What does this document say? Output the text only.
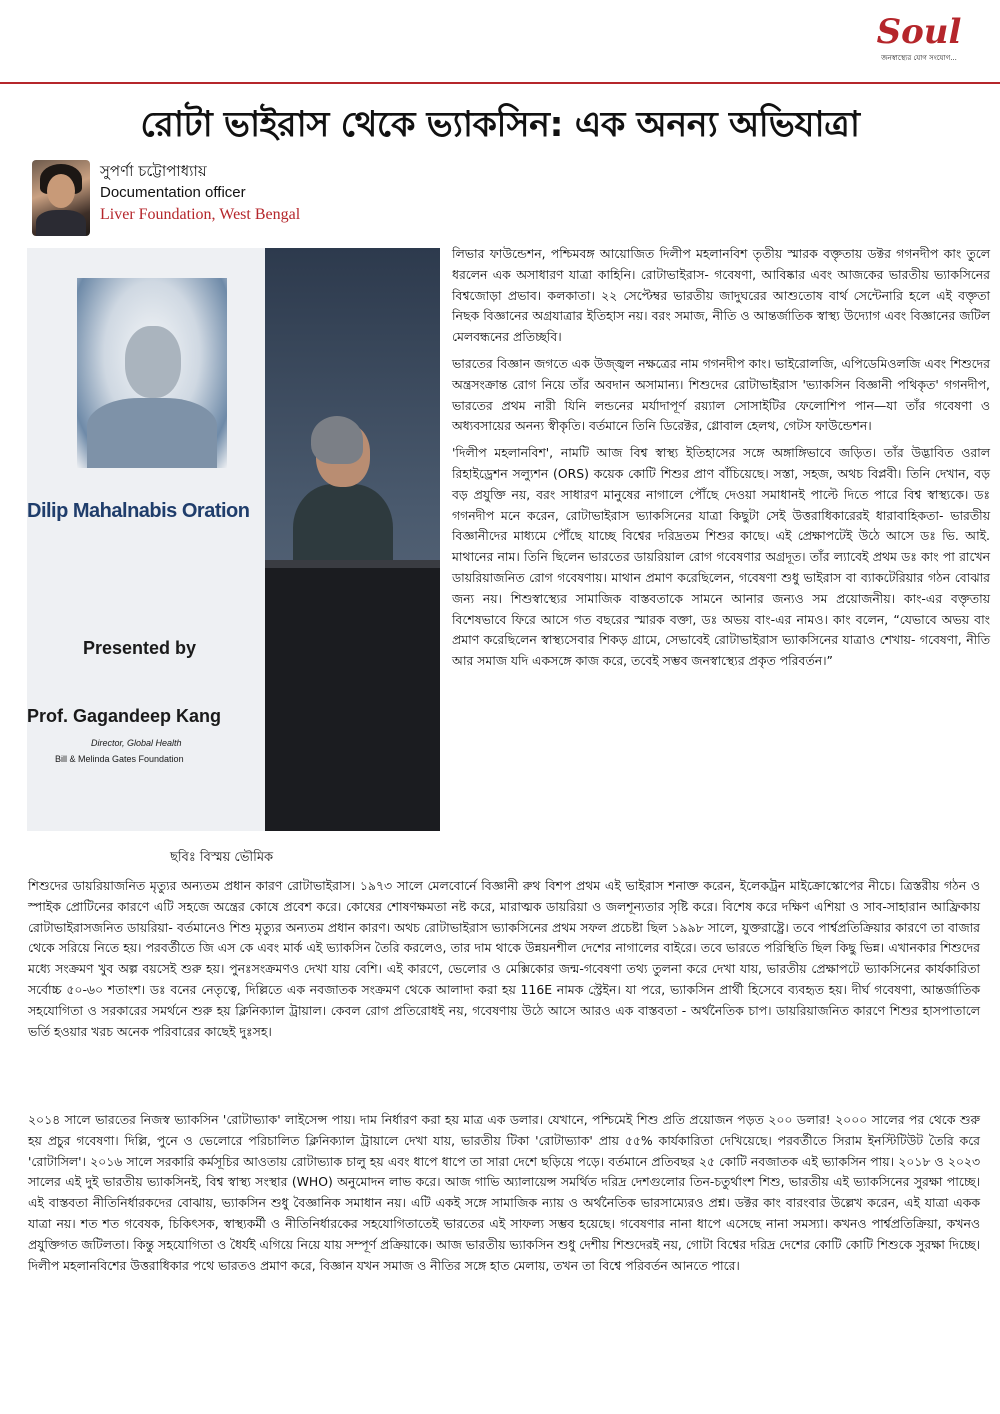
Soul
জনস্বাস্থ্যের যোগ সংযোগ...
রোটা ভাইরাস থেকে ভ্যাকসিন: এক অনন্য অভিযাত্রা
সুপর্ণা চট্টোপাধ্যায়
Documentation officer
Liver Foundation, West Bengal
Dilip Mahalnabis Oration
Presented by
Prof. Gagandeep Kang
Director, Global Health
Bill & Melinda Gates Foundation
ছবিঃ বিস্ময় ভৌমিক

লিভার ফাউন্ডেশন, পশ্চিমবঙ্গ আয়োজিত দিলীপ মহলানবিশ তৃতীয় স্মারক বক্তৃতায় ডক্টর গগনদীপ কাং তুলে ধরলেন এক অসাধারণ যাত্রা কাহিনি। রোটাভাইরাস- গবেষণা, আবিষ্কার এবং আজকের ভারতীয় ভ্যাকসিনের বিশ্বজোড়া প্রভাব। কলকাতা। ২২ সেপ্টেম্বর ভারতীয় জাদুঘরের আশুতোষ বার্থ সেন্টেনারি হলে এই বক্তৃতা নিছক বিজ্ঞানের অগ্রযাত্রার ইতিহাস নয়। বরং সমাজ, নীতি ও আন্তর্জাতিক স্বাস্থ্য উদ্যোগ এবং বিজ্ঞানের জটিল মেলবন্ধনের প্রতিচ্ছবি।

ভারতের বিজ্ঞান জগতে এক উজ্জ্বল নক্ষত্রের নাম গগনদীপ কাং। ভাইরোলজি, এপিডেমিওলজি এবং শিশুদের অন্ত্রসংক্রান্ত রোগ নিয়ে তাঁর অবদান অসামান্য। শিশুদের রোটাভাইরাস 'ভ্যাকসিন বিজ্ঞানী পথিকৃত' গগনদীপ, ভারতের প্রথম নারী যিনি লন্ডনের মর্যাদাপূর্ণ রয়্যাল সোসাইটির ফেলোশিপ পান—যা তাঁর গবেষণা ও অধ্যবসায়ের অনন্য স্বীকৃতি। বর্তমানে তিনি ডিরেক্টর, গ্লোবাল হেলথ, গেটস ফাউন্ডেশন।

'দিলীপ মহলানবিশ', নামটি আজ বিশ্ব স্বাস্থ্য ইতিহাসের সঙ্গে অঙ্গাঙ্গিভাবে জড়িত। তাঁর উদ্ভাবিত ওরাল রিহাইড্রেশন সল্যুশন (ORS) কয়েক কোটি শিশুর প্রাণ বাঁচিয়েছে। সস্তা, সহজ, অথচ বিপ্লবী। তিনি দেখান, বড় বড় প্রযুক্তি নয়, বরং সাধারণ মানুষের নাগালে পৌঁছে দেওয়া সমাধানই পাল্টে দিতে পারে বিশ্ব স্বাস্থ্যকে। ডঃ গগনদীপ মনে করেন, রোটাভাইরাস ভ্যাকসিনের যাত্রা কিছুটা সেই উত্তরাধিকারেরই ধারাবাহিকতা- ভারতীয় বিজ্ঞানীদের মাধ্যমে পৌঁছে যাচ্ছে বিশ্বের দরিদ্রতম শিশুর কাছে। এই প্রেক্ষাপটেই উঠে আসে ডঃ ভি. আই. মাথানের নাম। তিনি ছিলেন ভারতের ডায়রিয়াল রোগ গবেষণার অগ্রদূত। তাঁর ল্যাবেই প্রথম ডঃ কাং পা রাখেন ডায়রিয়াজনিত রোগ গবেষণায়। মাথান প্রমাণ করেছিলেন, গবেষণা শুধু ভাইরাস বা ব্যাকটেরিয়ার গঠন বোঝার জন্য নয়। শিশুস্বাস্থ্যের সামাজিক বাস্তবতাকে সামনে আনার জন্যও সম প্রয়োজনীয়। কাং-এর বক্তৃতায় বিশেষভাবে ফিরে আসে গত বছরের স্মারক বক্তা, ডঃ অভয় বাং-এর নামও। কাং বলেন, “যেভাবে অভয় বাং প্রমাণ করেছিলেন স্বাস্থ্যসেবার শিকড় গ্রামে, সেভাবেই রোটাভাইরাস ভ্যাকসিনের যাত্রাও শেখায়- গবেষণা, নীতি আর সমাজ যদি একসঙ্গে কাজ করে, তবেই সম্ভব জনস্বাস্থ্যের প্রকৃত পরিবর্তন।”

শিশুদের ডায়রিয়াজনিত মৃত্যুর অন্যতম প্রধান কারণ রোটাভাইরাস। ১৯৭৩ সালে মেলবোর্নে বিজ্ঞানী রুথ বিশপ প্রথম এই ভাইরাস শনাক্ত করেন, ইলেকট্রন মাইক্রোস্কোপের নীচে। ত্রিস্তরীয় গঠন ও স্পাইক প্রোটিনের কারণে এটি সহজে অন্ত্রের কোষে প্রবেশ করে। কোষের শোষণক্ষমতা নষ্ট করে, মারাত্মক ডায়রিয়া ও জলশূন্যতার সৃষ্টি করে। বিশেষ করে দক্ষিণ এশিয়া ও সাব-সাহারান আফ্রিকায় রোটাভাইরাসজনিত ডায়রিয়া- বর্তমানেও শিশু মৃত্যুর অন্যতম প্রধান কারণ। অথচ রোটাভাইরাস ভ্যাকসিনের প্রথম সফল প্রচেষ্টা ছিল ১৯৯৮ সালে, যুক্তরাষ্ট্রে। তবে পার্শ্বপ্রতিক্রিয়ার কারণে তা বাজার থেকে সরিয়ে নিতে হয়। পরবর্তীতে জি এস কে এবং মার্ক এই ভ্যাকসিন তৈরি করলেও, তার দাম থাকে উন্নয়নশীল দেশের নাগালের বাইরে। তবে ভারতে পরিস্থিতি ছিল কিছু ভিন্ন। এখানকার শিশুদের মধ্যে সংক্রমণ খুব অল্প বয়সেই শুরু হয়। পুনঃসংক্রমণও দেখা যায় বেশি। এই কারণে, ভেলোর ও মেক্সিকোর জন্ম-গবেষণা তথ্য তুলনা করে দেখা যায়, ভারতীয় প্রেক্ষাপটে ভ্যাকসিনের কার্যকারিতা সর্বোচ্চ ৫০-৬০ শতাংশ। ডঃ বনের নেতৃত্বে, দিল্লিতে এক নবজাতক সংক্রমণ থেকে আলাদা করা হয় 116E নামক স্ট্রেইন। যা পরে, ভ্যাকসিন প্রার্থী হিসেবে ব্যবহৃত হয়। দীর্ঘ গবেষণা, আন্তর্জাতিক সহযোগিতা ও সরকারের সমর্থনে শুরু হয় ক্লিনিক্যাল ট্রায়াল। কেবল রোগ প্রতিরোধই নয়, গবেষণায় উঠে আসে আরও এক বাস্তবতা - অর্থনৈতিক চাপ। ডায়রিয়াজনিত কারণে শিশুর হাসপাতালে ভর্তি হওয়ার খরচ অনেক পরিবারের কাছেই দুঃসহ।

২০১৪ সালে ভারতের নিজস্ব ভ্যাকসিন 'রোটাভ্যাক' লাইসেন্স পায়। দাম নির্ধারণ করা হয় মাত্র এক ডলার। যেখানে, পশ্চিমেই শিশু প্রতি প্রয়োজন পড়ত ২০০ ডলার! ২০০০ সালের পর থেকে শুরু হয় প্রচুর গবেষণা। দিল্লি, পুনে ও ভেলোরে পরিচালিত ক্লিনিক্যাল ট্রায়ালে দেখা যায়, ভারতীয় টিকা 'রোটাভ্যাক' প্রায় ৫৫% কার্যকারিতা দেখিয়েছে। পরবর্তীতে সিরাম ইনস্টিটিউট তৈরি করে 'রোটাসিল'। ২০১৬ সালে সরকারি কর্মসূচির আওতায় রোটাভ্যাক চালু হয় এবং ধাপে ধাপে তা সারা দেশে ছড়িয়ে পড়ে। বর্তমানে প্রতিবছর ২৫ কোটি নবজাতক এই ভ্যাকসিন পায়। ২০১৮ ও ২০২৩ সালের এই দুই ভারতীয় ভ্যাকসিনই, বিশ্ব স্বাস্থ্য সংস্থার (WHO) অনুমোদন লাভ করে। আজ গাভি অ্যালায়েন্স সমর্থিত দরিদ্র দেশগুলোর তিন-চতুর্থাংশ শিশু, ভারতীয় এই ভ্যাকসিনের সুরক্ষা পাচ্ছে। এই বাস্তবতা নীতিনির্ধারকদের বোঝায়, ভ্যাকসিন শুধু বৈজ্ঞানিক সমাধান নয়। এটি একই সঙ্গে সামাজিক ন্যায় ও অর্থনৈতিক ভারসাম্যেরও প্রশ্ন। ডক্টর কাং বারংবার উল্লেখ করেন, এই যাত্রা একক যাত্রা নয়। শত শত গবেষক, চিকিৎসক, স্বাস্থ্যকর্মী ও নীতিনির্ধারকের সহযোগিতাতেই ভারতের এই সাফল্য সম্ভব হয়েছে। গবেষণার নানা ধাপে এসেছে নানা সমস্যা। কখনও পার্শ্বপ্রতিক্রিয়া, কখনও প্রযুক্তিগত জটিলতা। কিন্তু সহযোগিতা ও ধৈর্যই এগিয়ে নিয়ে যায় সম্পূর্ণ প্রক্রিয়াকে। আজ ভারতীয় ভ্যাকসিন শুধু দেশীয় শিশুদেরই নয়, গোটা বিশ্বের দরিদ্র দেশের কোটি কোটি শিশুকে সুরক্ষা দিচ্ছে। দিলীপ মহলানবিশের উত্তরাধিকার পথে ভারতও প্রমাণ করে, বিজ্ঞান যখন সমাজ ও নীতির সঙ্গে হাত মেলায়, তখন তা বিশ্বে পরিবর্তন আনতে পারে।
